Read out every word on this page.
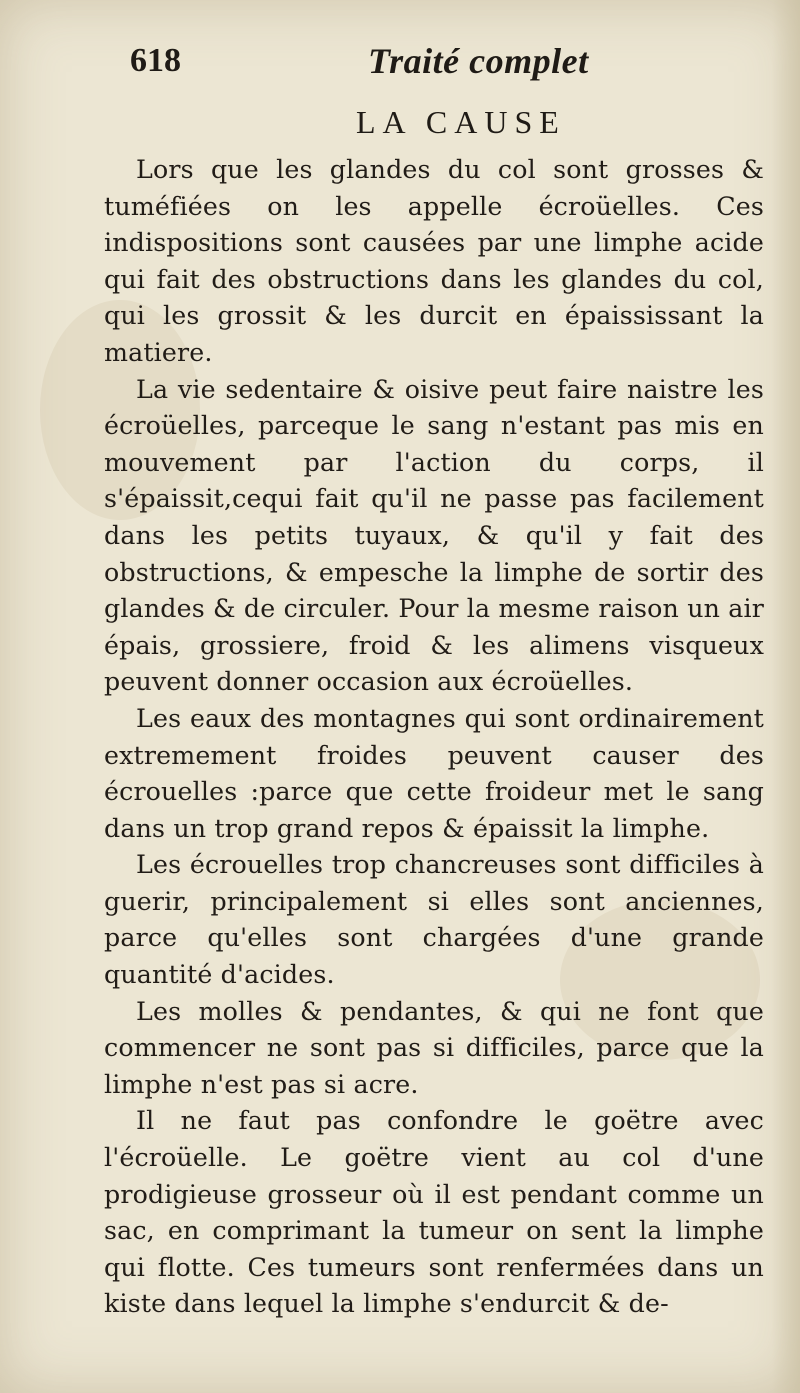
618	Traité complet
LA CAUSE

Lors que les glandes du col sont grosses & tuméfiées on les appelle écroüelles. Ces indispositions sont causées par une limphe acide qui fait des obstructions dans les glandes du col, qui les grossit & les durcit en épaississant la matiere.

La vie sedentaire & oisive peut faire naistre les écroüelles, parceque le sang n'estant pas mis en mouvement par l'action du corps, il s'épaissit,cequi fait qu'il ne passe pas facilement dans les petits tuyaux, & qu'il y fait des obstructions, & empesche la limphe de sortir des glandes & de circuler. Pour la mesme raison un air épais, grossiere, froid & les alimens visqueux peuvent donner occasion aux écroüelles.

Les eaux des montagnes qui sont ordinairement extremement froides peuvent causer des écrouelles :parce que cette froideur met le sang dans un trop grand repos & épaissit la limphe.

Les écrouelles trop chancreuses sont difficiles à guerir, principalement si elles sont anciennes, parce qu'elles sont chargées d'une grande quantité d'acides.

Les molles & pendantes, & qui ne font que commencer ne sont pas si difficiles, parce que la limphe n'est pas si acre.

Il ne faut pas confondre le goëtre avec l'écroüelle. Le goëtre vient au col d'une prodigieuse grosseur où il est pendant comme un sac, en comprimant la tumeur on sent la limphe qui flotte. Ces tumeurs sont renfermées dans un kiste dans lequel la limphe s'endurcit & de-
